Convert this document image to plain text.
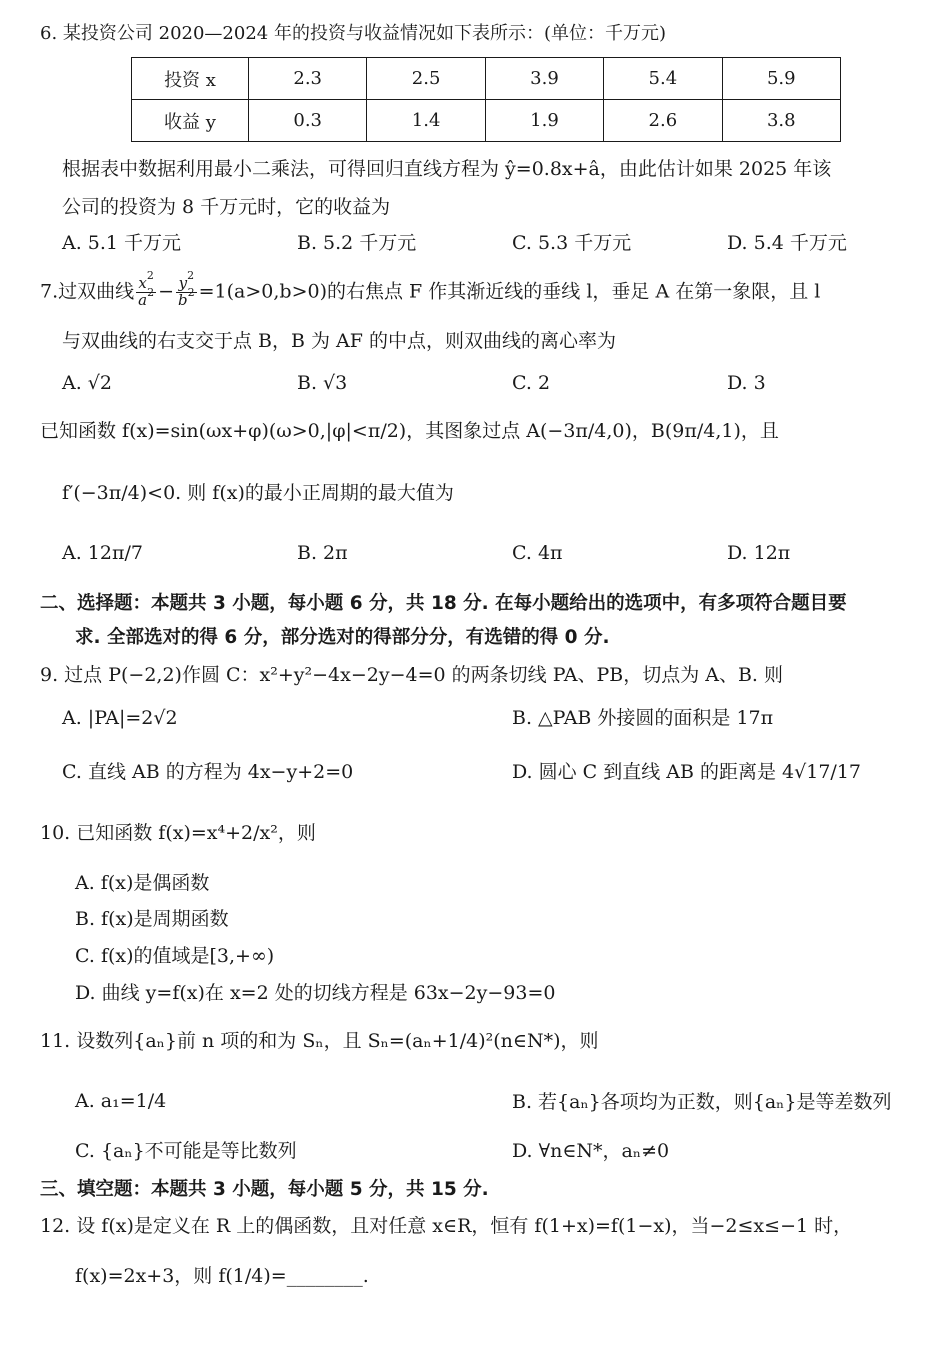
6. 某投资公司 2020—2024 年的投资与收益情况如下表所示：(单位：千万元)
投资 x	2.3	2.5	3.9	5.4	5.9
收益 y	0.3	1.4	1.9	2.6	3.8
根据表中数据利用最小二乘法，可得回归直线方程为 ŷ=0.8x+â，由此估计如果 2025 年该
公司的投资为 8 千万元时，它的收益为
A. 5.1 千万元	B. 5.2 千万元	C. 5.3 千万元	D. 5.4 千万元
7.过双曲线 $\frac{x^2}{a^2} - \frac{y^2}{b^2} =1(a>0,b>0)$的右焦点 F 作其渐近线的垂线 l，垂足 A 在第一象限，且 l
与双曲线的右支交于点 B，B 为 AF 的中点，则双曲线的离心率为
A. √2	B. √3	C. 2	D. 3
已知函数 f(x)=sin(ωx+φ)(ω>0,|φ|<π/2)，其图象过点 A(−3π/4,0)，B(9π/4,1)，且
f′(−3π/4)<0. 则 f(x)的最小正周期的最大值为
A. 12π/7	B. 2π	C. 4π	D. 12π
二、选择题：本题共 3 小题，每小题 6 分，共 18 分. 在每小题给出的选项中，有多项符合题目要
求. 全部选对的得 6 分，部分选对的得部分分，有选错的得 0 分.
9. 过点 P(−2,2)作圆 C：x²+y²−4x−2y−4=0 的两条切线 PA、PB，切点为 A、B. 则
A. |PA|=2√2	B. △PAB 外接圆的面积是 17π
C. 直线 AB 的方程为 4x−y+2=0	D. 圆心 C 到直线 AB 的距离是 4√17/17
10. 已知函数 f(x)=x⁴+2/x²，则
A. f(x)是偶函数
B. f(x)是周期函数
C. f(x)的值域是[3,+∞)
D. 曲线 y=f(x)在 x=2 处的切线方程是 63x−2y−93=0
11. 设数列{aₙ}前 n 项的和为 Sₙ，且 Sₙ=(aₙ+1/4)²(n∈N*)，则
A. a₁=1/4	B. 若{aₙ}各项均为正数，则{aₙ}是等差数列
C. {aₙ}不可能是等比数列	D. ∀n∈N*，aₙ≠0
三、填空题：本题共 3 小题，每小题 5 分，共 15 分.
12. 设 f(x)是定义在 R 上的偶函数，且对任意 x∈R，恒有 f(1+x)=f(1−x)，当−2≤x≤−1 时，
f(x)=2x+3，则 f(1/4)=________.
